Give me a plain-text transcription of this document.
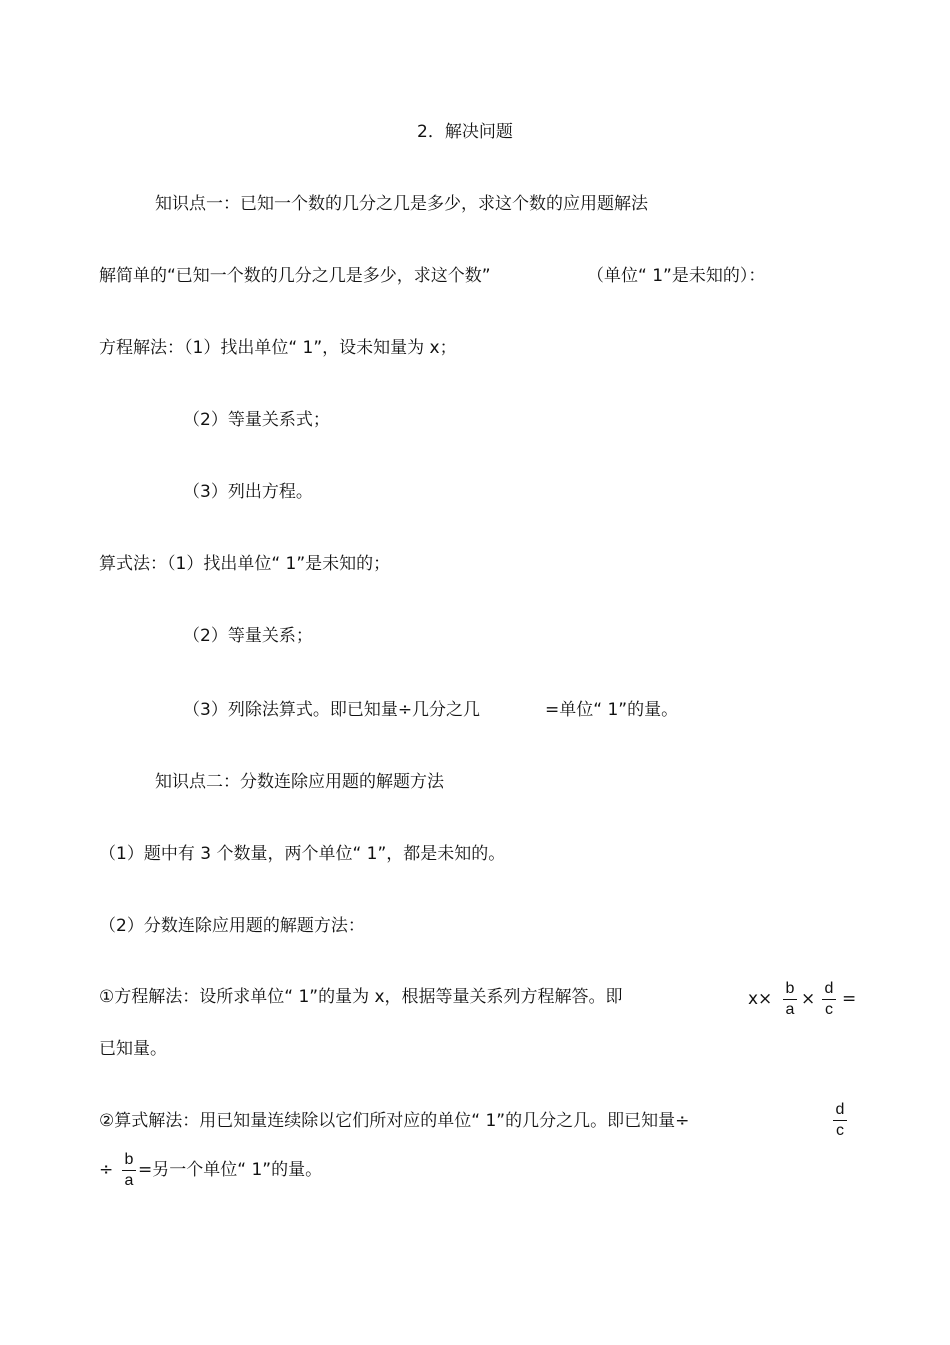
2．解决问题
知识点一：已知一个数的几分之几是多少，求这个数的应用题解法
解简单的“已知一个数的几分之几是多少，求这个数”	（单位“ 1”是未知的）：
方程解法：（1）找出单位“ 1”，设未知量为 x；
（2）等量关系式；
（3）列出方程。
算式法：（1）找出单位“ 1”是未知的；
（2）等量关系；
（3）列除法算式。即已知量÷几分之几	=单位“ 1”的量。
知识点二：分数连除应用题的解题方法
（1）题中有 3 个数量，两个单位“ 1”，都是未知的。
（2）分数连除应用题的解题方法：
①方程解法：设所求单位“ 1”的量为 x，根据等量关系列方程解答。即	x×
b
a
×
d
c
=
已知量。
②算式解法：用已知量连续除以它们所对应的单位“ 1”的几分之几。即已知量÷
d
c
÷
b
a
=另一个单位“ 1”的量。
